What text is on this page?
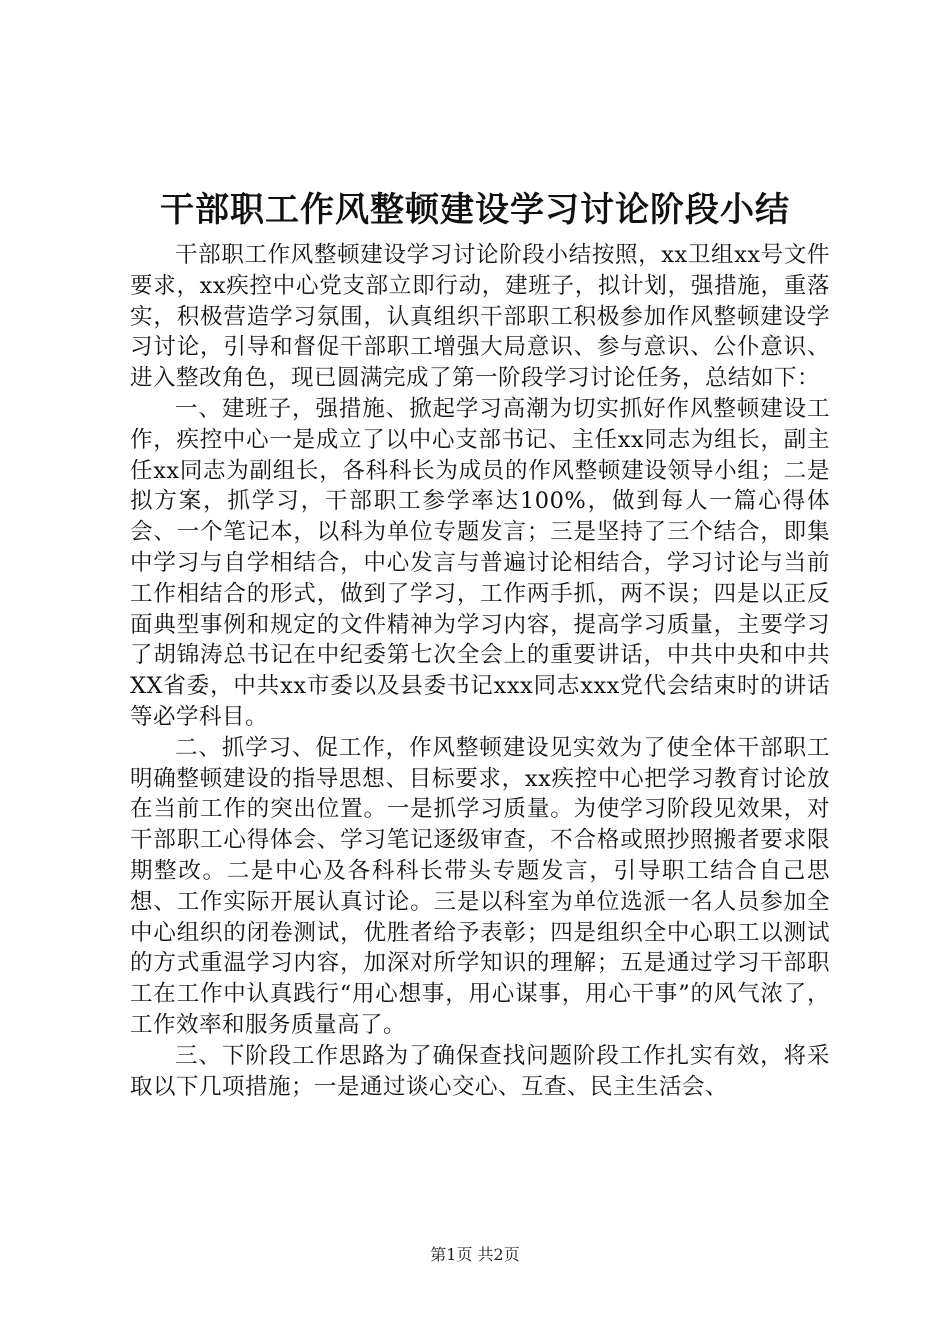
干部职工作风整顿建设学习讨论阶段小结

干部职工作风整顿建设学习讨论阶段小结按照，xx卫组xx号文件要求，xx疾控中心党支部立即行动，建班子，拟计划，强措施，重落实，积极营造学习氛围，认真组织干部职工积极参加作风整顿建设学习讨论，引导和督促干部职工增强大局意识、参与意识、公仆意识、进入整改角色，现已圆满完成了第一阶段学习讨论任务，总结如下：

一、建班子，强措施、掀起学习高潮为切实抓好作风整顿建设工作，疾控中心一是成立了以中心支部书记、主任xx同志为组长，副主任xx同志为副组长，各科科长为成员的作风整顿建设领导小组；二是拟方案，抓学习，干部职工参学率达100%，做到每人一篇心得体会、一个笔记本，以科为单位专题发言；三是坚持了三个结合，即集中学习与自学相结合，中心发言与普遍讨论相结合，学习讨论与当前工作相结合的形式，做到了学习，工作两手抓，两不误；四是以正反面典型事例和规定的文件精神为学习内容，提高学习质量，主要学习了胡锦涛总书记在中纪委第七次全会上的重要讲话，中共中央和中共XX省委，中共xx市委以及县委书记xxx同志xxx党代会结束时的讲话等必学科目。

二、抓学习、促工作，作风整顿建设见实效为了使全体干部职工明确整顿建设的指导思想、目标要求，xx疾控中心把学习教育讨论放在当前工作的突出位置。一是抓学习质量。为使学习阶段见效果，对干部职工心得体会、学习笔记逐级审查，不合格或照抄照搬者要求限期整改。二是中心及各科科长带头专题发言，引导职工结合自己思想、工作实际开展认真讨论。三是以科室为单位选派一名人员参加全中心组织的闭卷测试，优胜者给予表彰；四是组织全中心职工以测试的方式重温学习内容，加深对所学知识的理解；五是通过学习干部职工在工作中认真践行“用心想事，用心谋事，用心干事”的风气浓了，工作效率和服务质量高了。

三、下阶段工作思路为了确保查找问题阶段工作扎实有效，将采取以下几项措施；一是通过谈心交心、互查、民主生活会、

第1页 共2页
